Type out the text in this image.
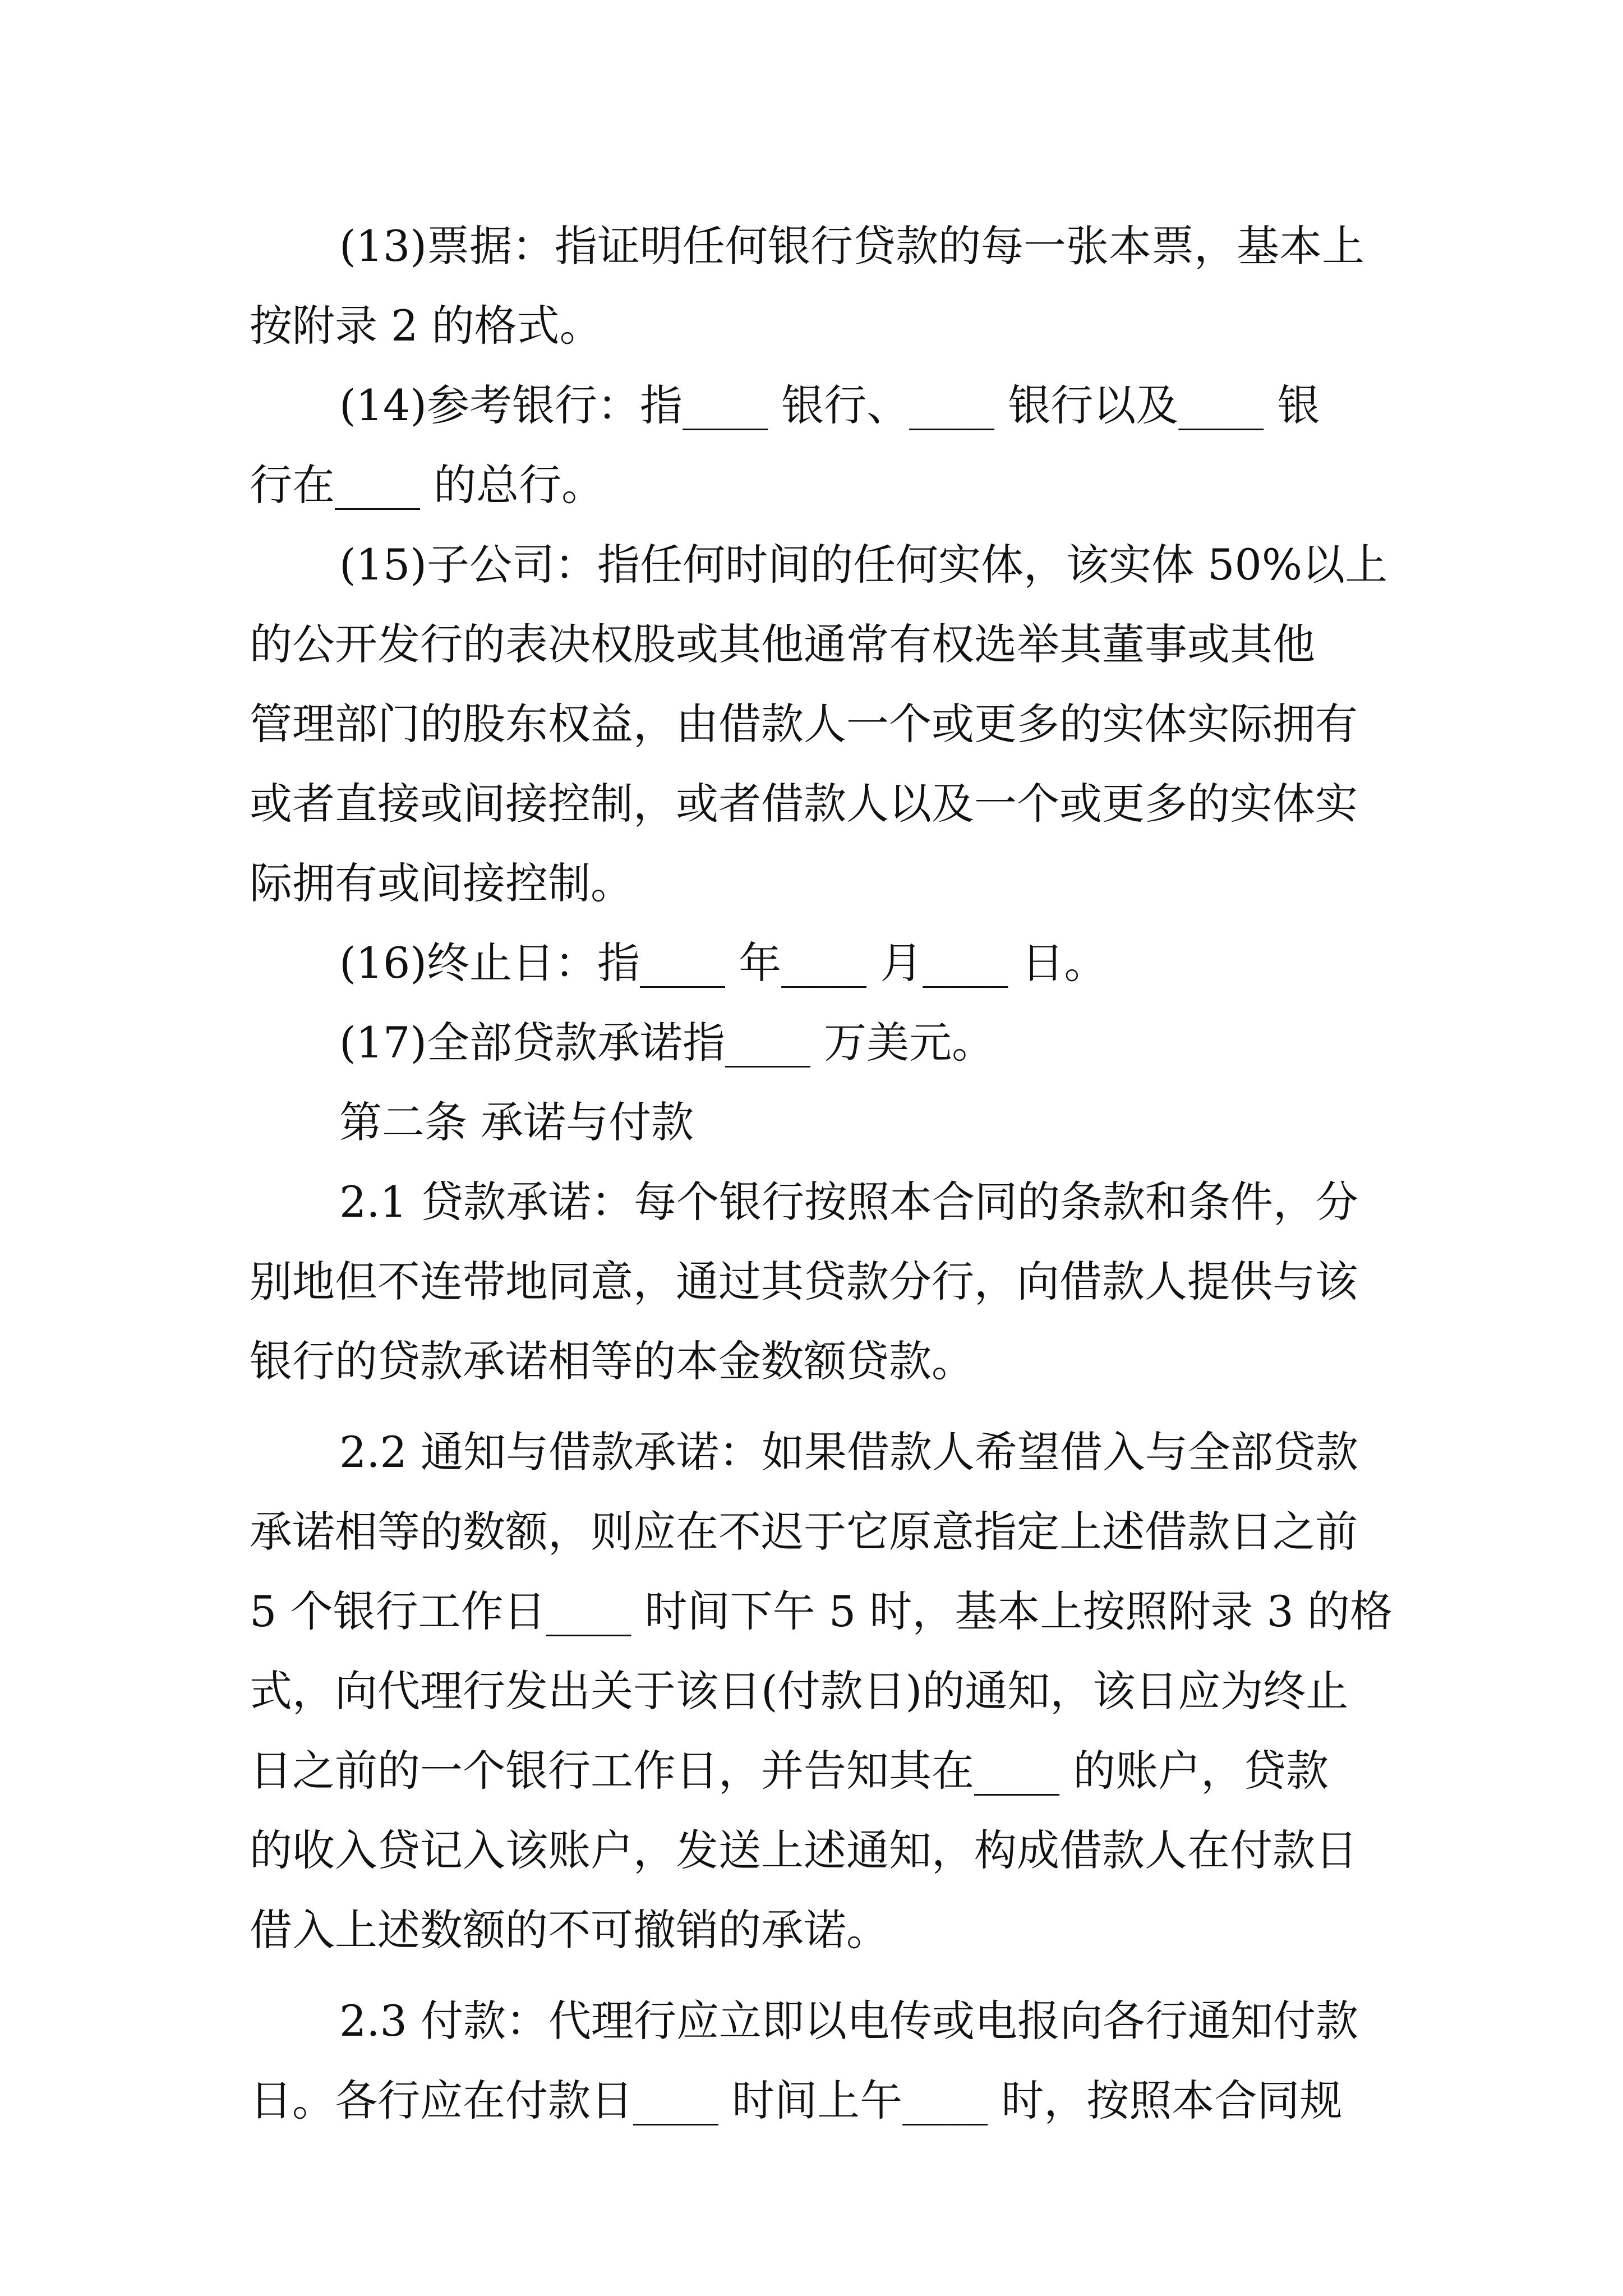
(13)票据：指证明任何银行贷款的每一张本票，基本上
按附录 2 的格式。
(14)参考银行：指____ 银行、____ 银行以及____ 银
行在____ 的总行。
(15)子公司：指任何时间的任何实体，该实体 50%以上
的公开发行的表决权股或其他通常有权选举其董事或其他
管理部门的股东权益，由借款人一个或更多的实体实际拥有
或者直接或间接控制，或者借款人以及一个或更多的实体实
际拥有或间接控制。
(16)终止日：指____ 年____ 月____ 日。
(17)全部贷款承诺指____ 万美元。
第二条 承诺与付款
2.1 贷款承诺：每个银行按照本合同的条款和条件，分
别地但不连带地同意，通过其贷款分行，向借款人提供与该
银行的贷款承诺相等的本金数额贷款。
2.2 通知与借款承诺：如果借款人希望借入与全部贷款
承诺相等的数额，则应在不迟于它原意指定上述借款日之前
5 个银行工作日____ 时间下午 5 时，基本上按照附录 3 的格
式，向代理行发出关于该日(付款日)的通知，该日应为终止
日之前的一个银行工作日，并告知其在____ 的账户，贷款
的收入贷记入该账户，发送上述通知，构成借款人在付款日
借入上述数额的不可撤销的承诺。
2.3 付款：代理行应立即以电传或电报向各行通知付款
日。各行应在付款日____ 时间上午____ 时，按照本合同规
